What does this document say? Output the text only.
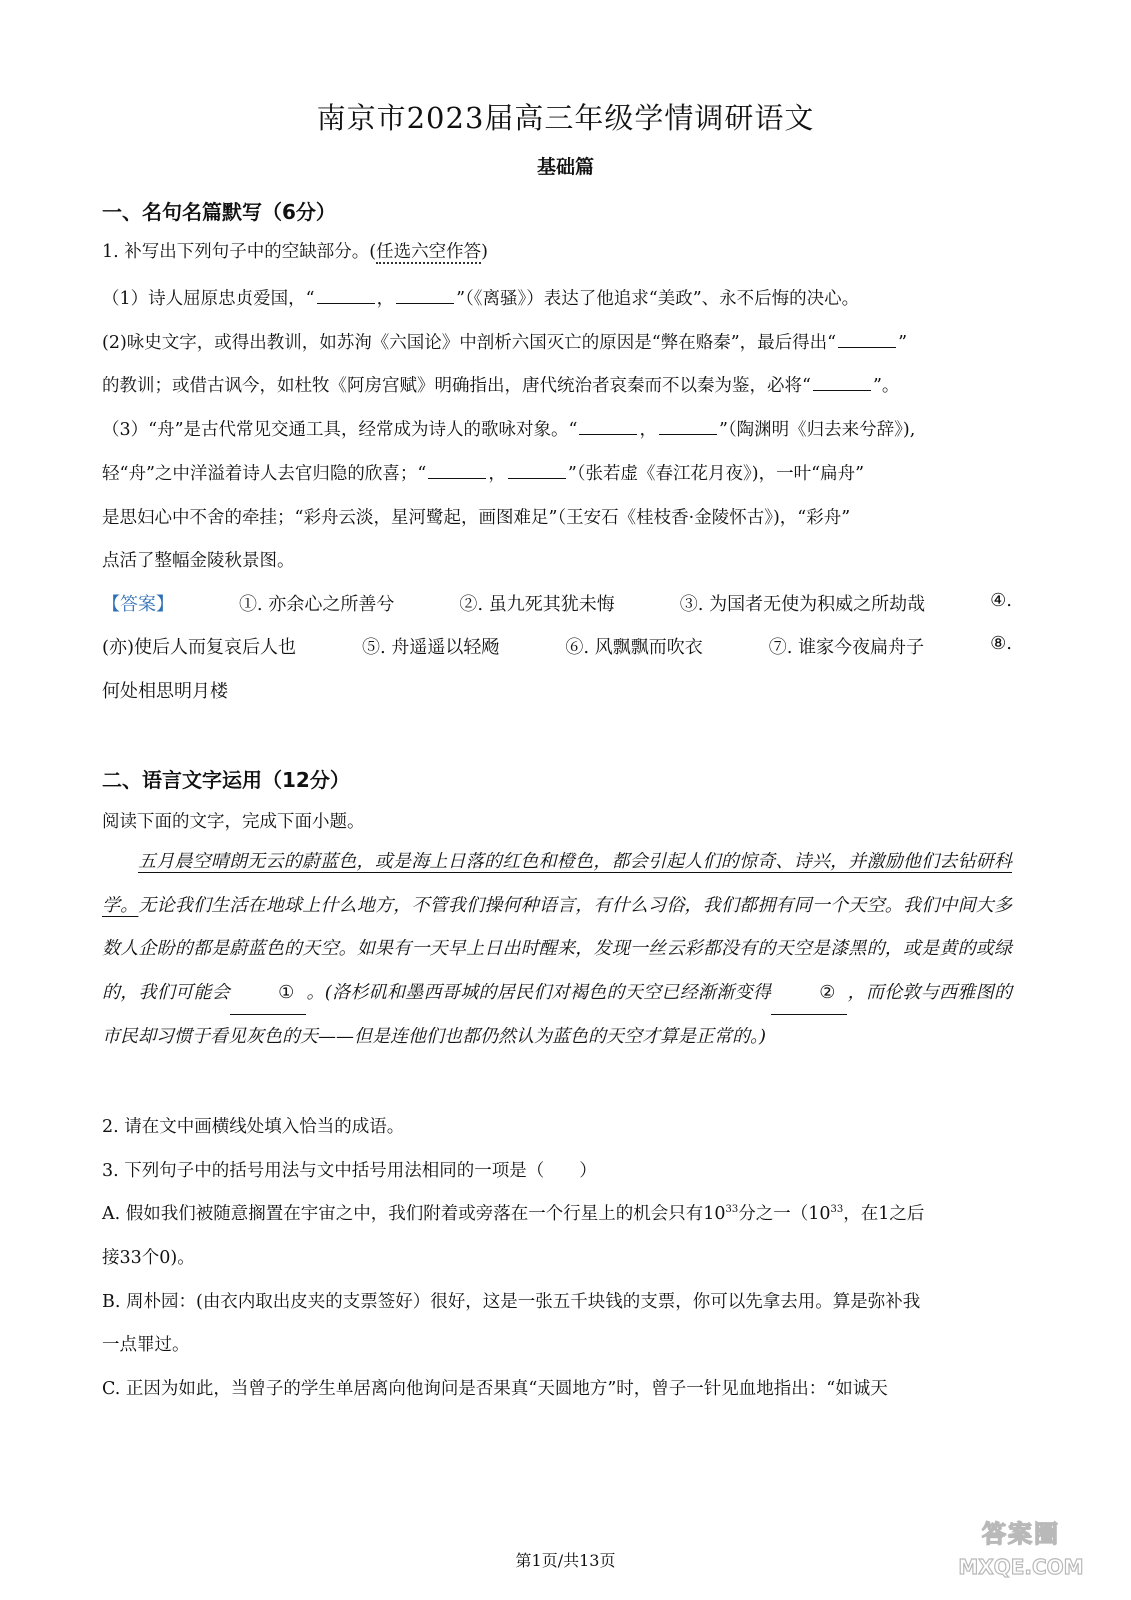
南京市2023届高三年级学情调研语文
基础篇
一、名句名篇默写（6分）
1. 补写出下列句子中的空缺部分。(任选六空作答)
（1）诗人屈原忠贞爱国，“	，	”（《离骚》）表达了他追求“美政”、永不后悔的决心。
(2)咏史文字，或得出教训，如苏洵《六国论》中剖析六国灭亡的原因是“弊在赂秦”，最后得出“	”
的教训；或借古讽今，如杜牧《阿房宫赋》明确指出，唐代统治者哀秦而不以秦为鉴，必将“	”。
（3）“舟”是古代常见交通工具，经常成为诗人的歌咏对象。“	，	”（陶渊明《归去来兮辞》),
轻“舟”之中洋溢着诗人去官归隐的欣喜；“	，	”（张若虚《春江花月夜》)，一叶“扁舟”
是思妇心中不舍的牵挂；“彩舟云淡，星河鹭起，画图难足”（王安石《桂枝香·金陵怀古》)，“彩舟”
点活了整幅金陵秋景图。
【答案】	①. 亦余心之所善兮	②. 虽九死其犹未悔	③. 为国者无使为积威之所劫哉	④.
(亦)使后人而复哀后人也	⑤. 舟遥遥以轻飏	⑥. 风飘飘而吹衣	⑦. 谁家今夜扁舟子	⑧.
何处相思明月楼
二、语言文字运用（12分）
阅读下面的文字，完成下面小题。
五月晨空晴朗无云的蔚蓝色，或是海上日落的红色和橙色，都会引起人们的惊奇、诗兴，并激励他们去钻研科学。无论我们生活在地球上什么地方，不管我们操何种语言，有什么习俗，我们都拥有同一个天空。我们中间大多数人企盼的都是蔚蓝色的天空。如果有一天早上日出时醒来，发现一丝云彩都没有的天空是漆黑的，或是黄的或绿的，我们可能会	① 。(洛杉矶和墨西哥城的居民们对褐色的天空已经渐渐变得	② ，而伦敦与西雅图的市民却习惯于看见灰色的天——但是连他们也都仍然认为蓝色的天空才算是正常的。)
2. 请在文中画横线处填入恰当的成语。
3. 下列句子中的括号用法与文中括号用法相同的一项是（　　）
A. 假如我们被随意搁置在宇宙之中，我们附着或旁落在一个行星上的机会只有$10^{33}$分之一（$10^{33}$，在1之后
接33个0)。
B. 周朴园：(由衣内取出皮夹的支票签好）很好，这是一张五千块钱的支票，你可以先拿去用。算是弥补我
一点罪过。
C. 正因为如此，当曾子的学生单居离向他询问是否果真“天圆地方”时，曾子一针见血地指出：“如诚天
第1页/共13页
答案圈
MXQE.COM
